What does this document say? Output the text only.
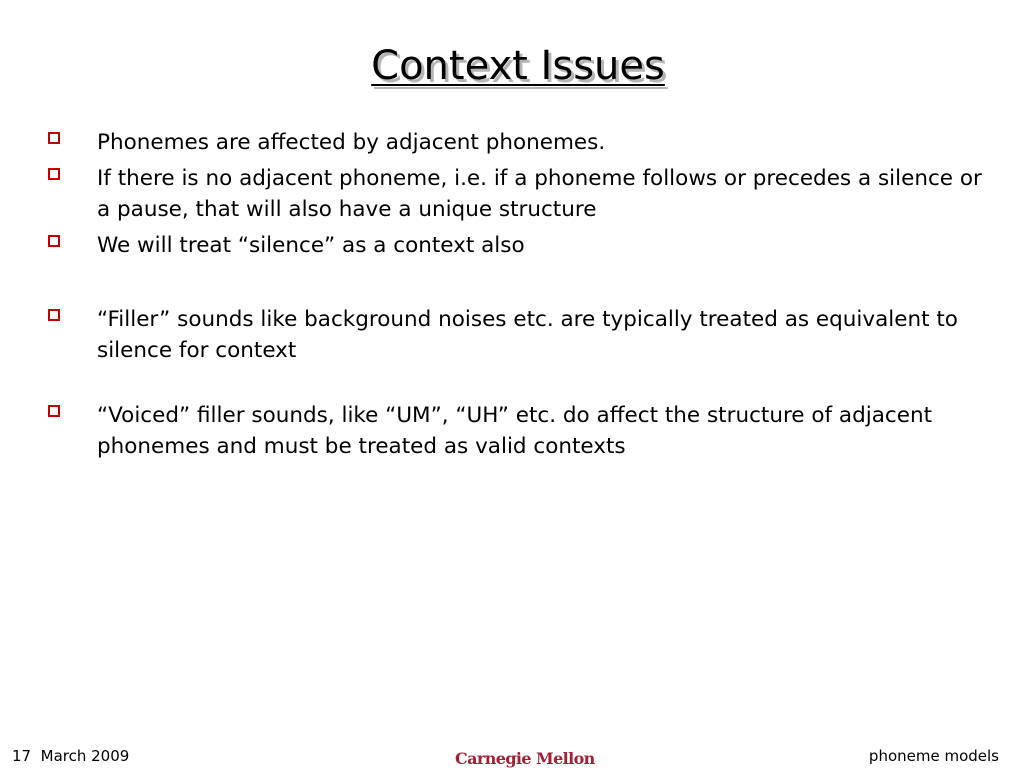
Context Issues
Phonemes are affected by adjacent phonemes.
If there is no adjacent phoneme, i.e. if a phoneme follows or precedes a silence or a pause, that will also have a unique structure
We will treat “silence” as a context also
“Filler” sounds like background noises etc. are typically treated as equivalent to silence for context
“Voiced” filler sounds, like “UM”, “UH” etc. do affect the structure of adjacent phonemes and must be treated as valid contexts
17  March 2009	Carnegie Mellon	phoneme models
